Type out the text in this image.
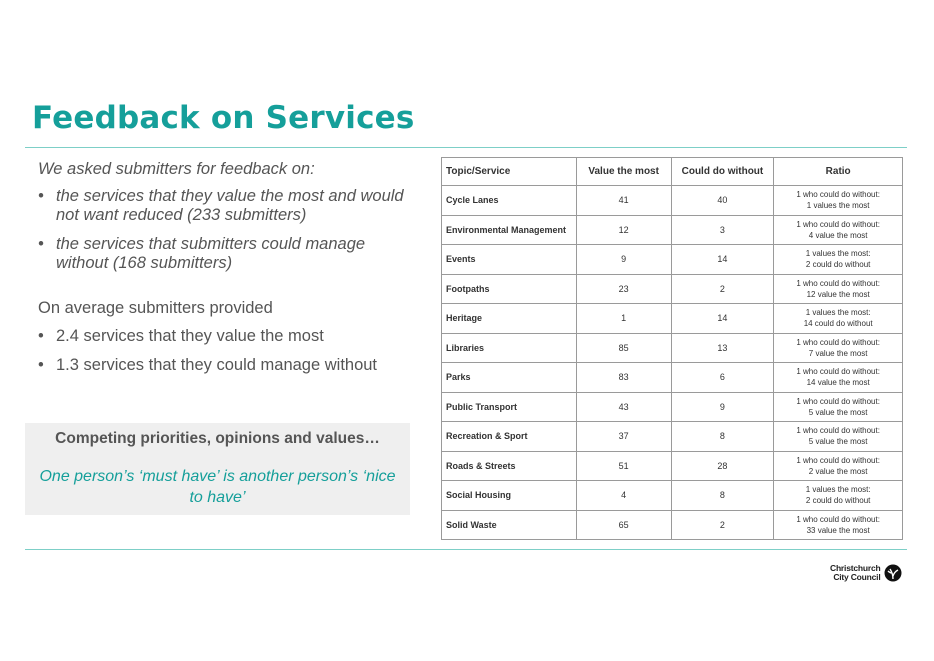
Feedback on Services
We asked submitters for feedback on:
• the services that they value the most and would not want reduced (233 submitters)
• the services that submitters could manage without (168 submitters)
On average submitters provided
• 2.4 services that they value the most
• 1.3 services that they could manage without
Competing priorities, opinions and values…
One person’s ‘must have’ is another person’s ‘nice to have’
Topic/Service	Value the most	Could do without	Ratio
Cycle Lanes	41	40	1 who could do without:
1 values the most

Environmental Management	12	3	1 who could do without:
4 value the most

Events	9	14	1 values the most:
2 could do without

Footpaths	23	2	1 who could do without:
12 value the most

Heritage	1	14	1 values the most:
14 could do without

Libraries	85	13	1 who could do without:
7 value the most

Parks	83	6	1 who could do without:
14 value the most

Public Transport	43	9	1 who could do without:
5 value the most

Recreation & Sport	37	8	1 who could do without:
5 value the most

Roads & Streets	51	28	1 who could do without:
2 value the most

Social Housing	4	8	1 values the most:
2 could do without

Solid Waste	65	2	1 who could do without:
33 value the most
Christchurch
City Council
